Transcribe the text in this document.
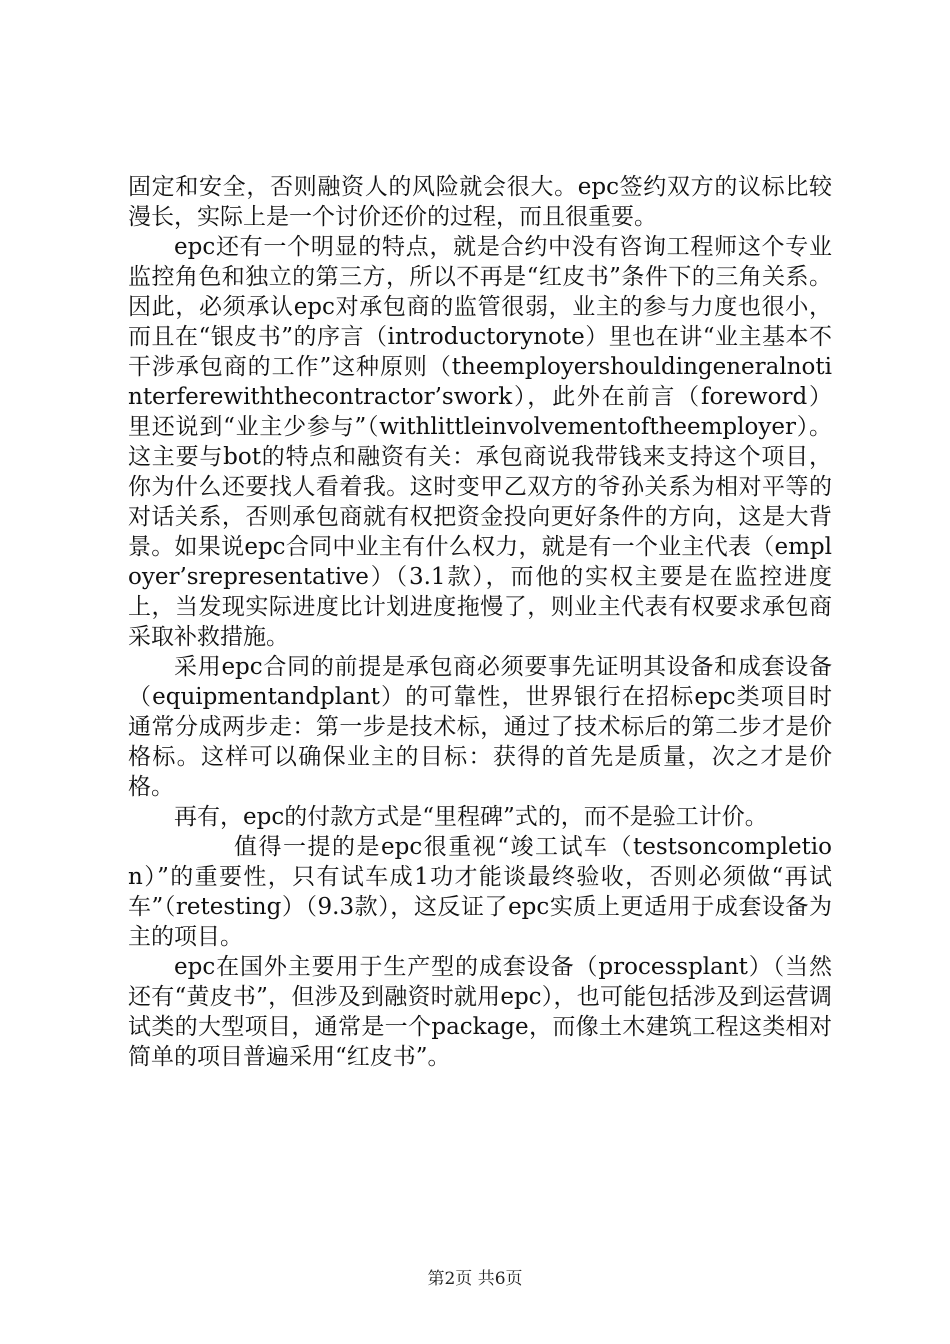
固定和安全，否则融资人的风险就会很大。epc签约双方的议标比较漫长，实际上是一个讨价还价的过程，而且很重要。

epc还有一个明显的特点，就是合约中没有咨询工程师这个专业监控角色和独立的第三方，所以不再是“红皮书”条件下的三角关系。因此，必须承认epc对承包商的监管很弱，业主的参与力度也很小，而且在“银皮书”的序言（introductorynote）里也在讲“业主基本不干涉承包商的工作”这种原则（theemployershouldingeneralnotinterferewiththecontractor’swork），此外在前言（foreword）里还说到“业主少参与”（withlittleinvolvementoftheemployer）。这主要与bot的特点和融资有关：承包商说我带钱来支持这个项目，你为什么还要找人看着我。这时变甲乙双方的爷孙关系为相对平等的对话关系，否则承包商就有权把资金投向更好条件的方向，这是大背景。如果说epc合同中业主有什么权力，就是有一个业主代表（employer’srepresentative）（3.1款），而他的实权主要是在监控进度上，当发现实际进度比计划进度拖慢了，则业主代表有权要求承包商采取补救措施。

采用epc合同的前提是承包商必须要事先证明其设备和成套设备（equipmentandplant）的可靠性，世界银行在招标epc类项目时通常分成两步走：第一步是技术标，通过了技术标后的第二步才是价格标。这样可以确保业主的目标：获得的首先是质量，次之才是价格。

再有，epc的付款方式是“里程碑”式的，而不是验工计价。

值得一提的是epc很重视“竣工试车（testsoncompletion）”的重要性，只有试车成1功才能谈最终验收，否则必须做“再试车”（retesting）（9.3款），这反证了epc实质上更适用于成套设备为主的项目。

epc在国外主要用于生产型的成套设备（processplant）（当然还有“黄皮书”，但涉及到融资时就用epc），也可能包括涉及到运营调试类的大型项目，通常是一个package，而像土木建筑工程这类相对简单的项目普遍采用“红皮书”。

第2页 共6页
